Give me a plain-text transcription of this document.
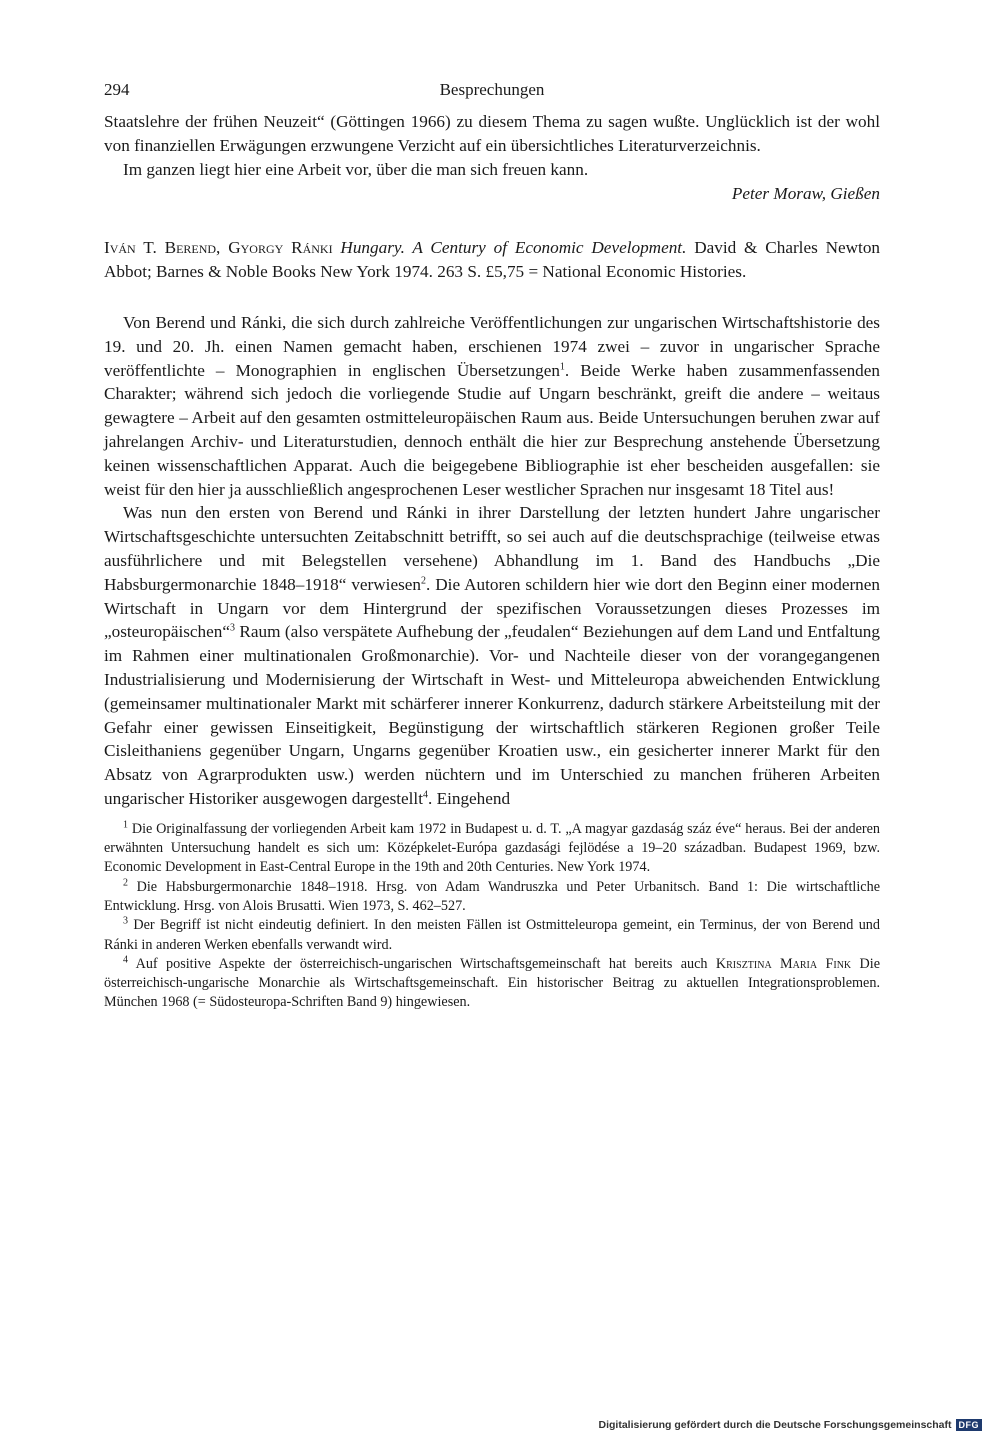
294	Besprechungen

Staatslehre der frühen Neuzeit“ (Göttingen 1966) zu diesem Thema zu sagen wußte. Unglücklich ist der wohl von finanziellen Erwägungen erzwungene Verzicht auf ein übersichtliches Literaturverzeichnis.

Im ganzen liegt hier eine Arbeit vor, über die man sich freuen kann.

Peter Moraw, Gießen

Iván T. Berend, Gyorgy Ránki Hungary. A Century of Economic Development. David & Charles Newton Abbot; Barnes & Noble Books New York 1974. 263 S. £5,75 = National Economic Histories.

Von Berend und Ránki, die sich durch zahlreiche Veröffentlichungen zur ungarischen Wirtschaftshistorie des 19. und 20. Jh. einen Namen gemacht haben, erschienen 1974 zwei – zuvor in ungarischer Sprache veröffentlichte – Monographien in englischen Übersetzungen$^1$. Beide Werke haben zusammenfassenden Charakter; während sich jedoch die vorliegende Studie auf Ungarn beschränkt, greift die andere – weitaus gewagtere – Arbeit auf den gesamten ostmitteleuropäischen Raum aus. Beide Untersuchungen beruhen zwar auf jahrelangen Archiv- und Literaturstudien, dennoch enthält die hier zur Besprechung anstehende Übersetzung keinen wissenschaftlichen Apparat. Auch die beigegebene Bibliographie ist eher bescheiden ausgefallen: sie weist für den hier ja ausschließlich angesprochenen Leser westlicher Sprachen nur insgesamt 18 Titel aus!

Was nun den ersten von Berend und Ránki in ihrer Darstellung der letzten hundert Jahre ungarischer Wirtschaftsgeschichte untersuchten Zeitabschnitt betrifft, so sei auch auf die deutschsprachige (teilweise etwas ausführlichere und mit Belegstellen versehene) Abhandlung im 1. Band des Handbuchs „Die Habsburgermonarchie 1848–1918“ verwiesen$^2$. Die Autoren schildern hier wie dort den Beginn einer modernen Wirtschaft in Ungarn vor dem Hintergrund der spezifischen Voraussetzungen dieses Prozesses im „osteuropäischen“$^3$ Raum (also verspätete Aufhebung der „feudalen“ Beziehungen auf dem Land und Entfaltung im Rahmen einer multinationalen Großmonarchie). Vor- und Nachteile dieser von der vorangegangenen Industrialisierung und Modernisierung der Wirtschaft in West- und Mitteleuropa abweichenden Entwicklung (gemeinsamer multinationaler Markt mit schärferer innerer Konkurrenz, dadurch stärkere Arbeitsteilung mit der Gefahr einer gewissen Einseitigkeit, Begünstigung der wirtschaftlich stärkeren Regionen großer Teile Cisleithaniens gegenüber Ungarn, Ungarns gegenüber Kroatien usw., ein gesicherter innerer Markt für den Absatz von Agrarprodukten usw.) werden nüchtern und im Unterschied zu manchen früheren Arbeiten ungarischer Historiker ausgewogen dargestellt$^4$. Eingehend

$^1$ Die Originalfassung der vorliegenden Arbeit kam 1972 in Budapest u. d. T. „A magyar gazdaság száz éve“ heraus. Bei der anderen erwähnten Untersuchung handelt es sich um: Középkelet-Európa gazdasági fejlödése a 19–20 században. Budapest 1969, bzw. Economic Development in East-Central Europe in the 19th and 20th Centuries. New York 1974.

$^2$ Die Habsburgermonarchie 1848–1918. Hrsg. von Adam Wandruszka und Peter Urbanitsch. Band 1: Die wirtschaftliche Entwicklung. Hrsg. von Alois Brusatti. Wien 1973, S. 462–527.

$^3$ Der Begriff ist nicht eindeutig definiert. In den meisten Fällen ist Ostmitteleuropa gemeint, ein Terminus, der von Berend und Ránki in anderen Werken ebenfalls verwandt wird.

$^4$ Auf positive Aspekte der österreichisch-ungarischen Wirtschaftsgemeinschaft hat bereits auch Krisztina Maria Fink Die österreichisch-ungarische Monarchie als Wirtschaftsgemeinschaft. Ein historischer Beitrag zu aktuellen Integrationsproblemen. München 1968 (= Südosteuropa-Schriften Band 9) hingewiesen.

Digitalisierung gefördert durch die Deutsche Forschungsgemeinschaft DFG
